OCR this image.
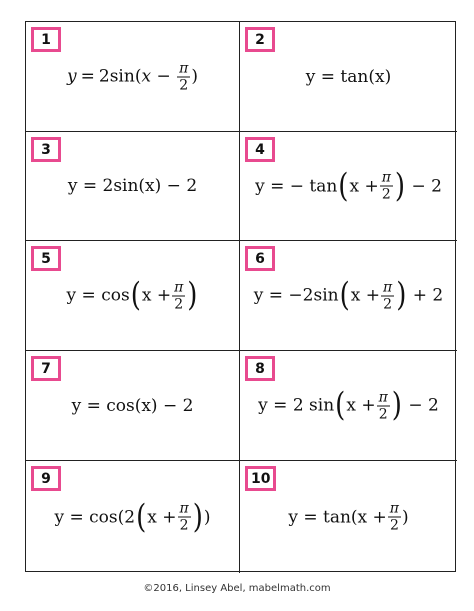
1
y = 2sin( $x - \frac{\pi}{2}$ )
2
y = tan(x)
3
y = 2sin(x) − 2
4
y = − tan ( $x + \frac{\pi}{2}$ ) − 2
5
y = cos ( $x + \frac{\pi}{2}$ )
6
y = −2sin ( $x + \frac{\pi}{2}$ ) + 2
7
y = cos(x) − 2
8
y = 2 sin ( $x + \frac{\pi}{2}$ ) − 2
9
y = cos(2 ( $x + \frac{\pi}{2}$ ) )
10
$y = \tan(x + \frac{\pi}{2}$ )
©2016, Linsey Abel, mabelmath.com
